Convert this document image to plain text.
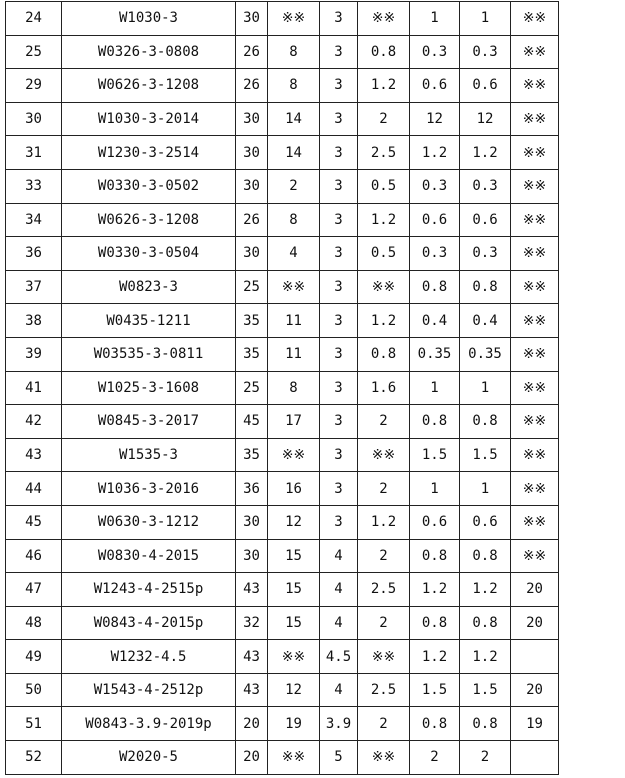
24	W1030-3	30	※※	3	※※	1	1	※※
25	W0326-3-0808	26	8	3	0.8	0.3	0.3	※※
29	W0626-3-1208	26	8	3	1.2	0.6	0.6	※※
30	W1030-3-2014	30	14	3	2	12	12	※※
31	W1230-3-2514	30	14	3	2.5	1.2	1.2	※※
33	W0330-3-0502	30	2	3	0.5	0.3	0.3	※※
34	W0626-3-1208	26	8	3	1.2	0.6	0.6	※※
36	W0330-3-0504	30	4	3	0.5	0.3	0.3	※※
37	W0823-3	25	※※	3	※※	0.8	0.8	※※
38	W0435-1211	35	11	3	1.2	0.4	0.4	※※
39	W03535-3-0811	35	11	3	0.8	0.35	0.35	※※
41	W1025-3-1608	25	8	3	1.6	1	1	※※
42	W0845-3-2017	45	17	3	2	0.8	0.8	※※
43	W1535-3	35	※※	3	※※	1.5	1.5	※※
44	W1036-3-2016	36	16	3	2	1	1	※※
45	W0630-3-1212	30	12	3	1.2	0.6	0.6	※※
46	W0830-4-2015	30	15	4	2	0.8	0.8	※※
47	W1243-4-2515p	43	15	4	2.5	1.2	1.2	20
48	W0843-4-2015p	32	15	4	2	0.8	0.8	20
49	W1232-4.5	43	※※	4.5	※※	1.2	1.2	
50	W1543-4-2512p	43	12	4	2.5	1.5	1.5	20
51	W0843-3.9-2019p	20	19	3.9	2	0.8	0.8	19
52	W2020-5	20	※※	5	※※	2	2	
